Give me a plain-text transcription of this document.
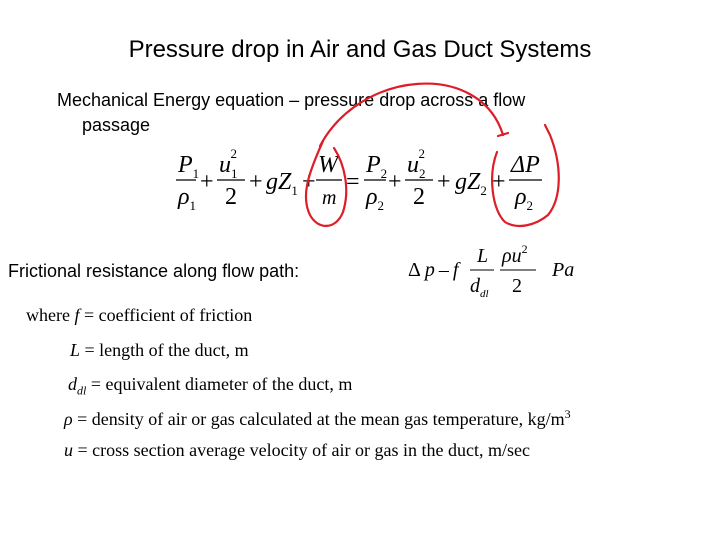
Pressure drop in Air and Gas Duct Systems
Mechanical Energy equation – pressure drop across a flow
passage
$P_1$
$\rho_1$
+
$u_12$
2
+ $gZ_1$ +
W
m
=
$P_2$
$\rho_2$
+
$u_22$
2
+ $gZ_2$ +
ΔP
$\rho_2$
Δ p – f
L
$d_{dl}$
$\rho u^2$
2
Pa
Frictional resistance along flow path:
where f = coefficient of friction
L = length of the duct, m
$d_{dl}$ = equivalent diameter of the duct, m
ρ = density of air or gas calculated at the mean gas temperature, $kg/m^3$
u = cross section average velocity of air or gas in the duct, m/sec
